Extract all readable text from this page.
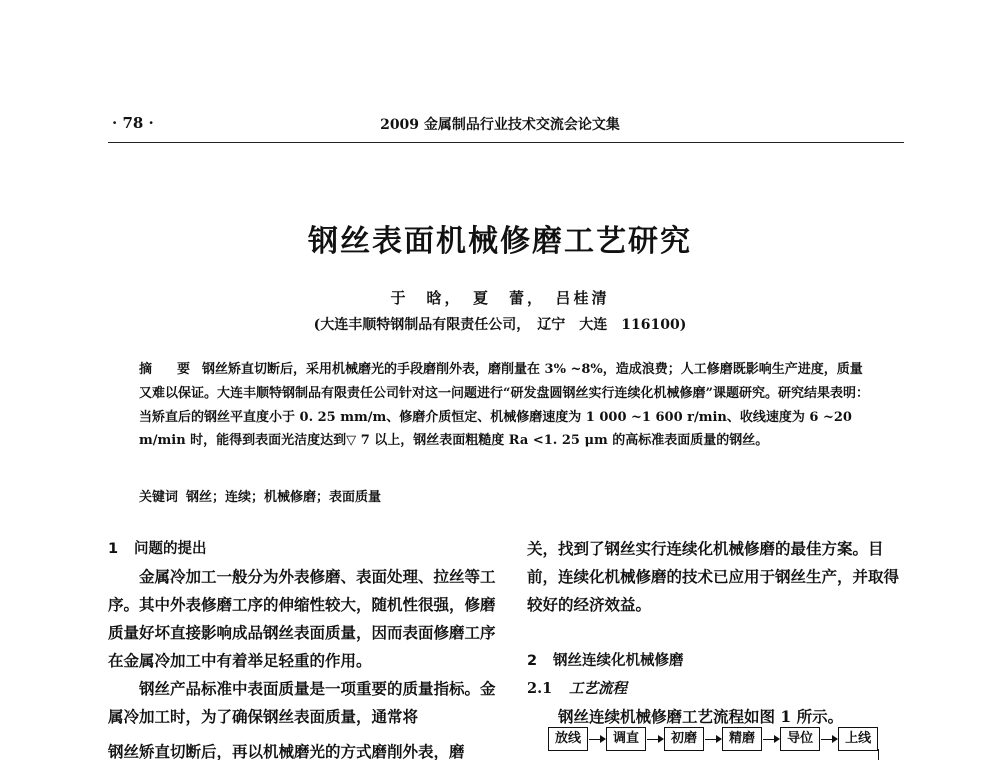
· 78 ·	2009 金属制品行业技术交流会论文集
钢丝表面机械修磨工艺研究
于　晗，　夏　蕾，　吕桂清
(大连丰顺特钢制品有限责任公司，　辽宁　大连　116100)
摘　要 钢丝矫直切断后，采用机械磨光的手段磨削外表，磨削量在 3% ~8%，造成浪费；人工修磨既影响生产进度，质量又难以保证。大连丰顺特钢制品有限责任公司针对这一问题进行“研发盘圆钢丝实行连续化机械修磨”课题研究。研究结果表明：当矫直后的钢丝平直度小于 0. 25 mm/m、修磨介质恒定、机械修磨速度为 1 000 ~1 600 r/min、收线速度为 6 ~20 m/min 时，能得到表面光洁度达到▽ 7 以上，钢丝表面粗糙度 Ra <1. 25 μm 的高标准表面质量的钢丝。
关键词 钢丝；连续；机械修磨；表面质量
1 问题的提出

金属冷加工一般分为外表修磨、表面处理、拉丝等工序。其中外表修磨工序的伸缩性较大，随机性很强，修磨质量好坏直接影响成品钢丝表面质量，因而表面修磨工序在金属冷加工中有着举足轻重的作用。

钢丝产品标准中表面质量是一项重要的质量指标。金属冷加工时，为了确保钢丝表面质量，通常将

钢丝矫直切断后，再以机械磨光的方式磨削外表，磨

关，找到了钢丝实行连续化机械修磨的最佳方案。目前，连续化机械修磨的技术已应用于钢丝生产，并取得较好的经济效益。

2 钢丝连续化机械修磨
2.1 工艺流程

钢丝连续机械修磨工艺流程如图 1 所示。

放线	调直	初磨	精磨	导位	上线
